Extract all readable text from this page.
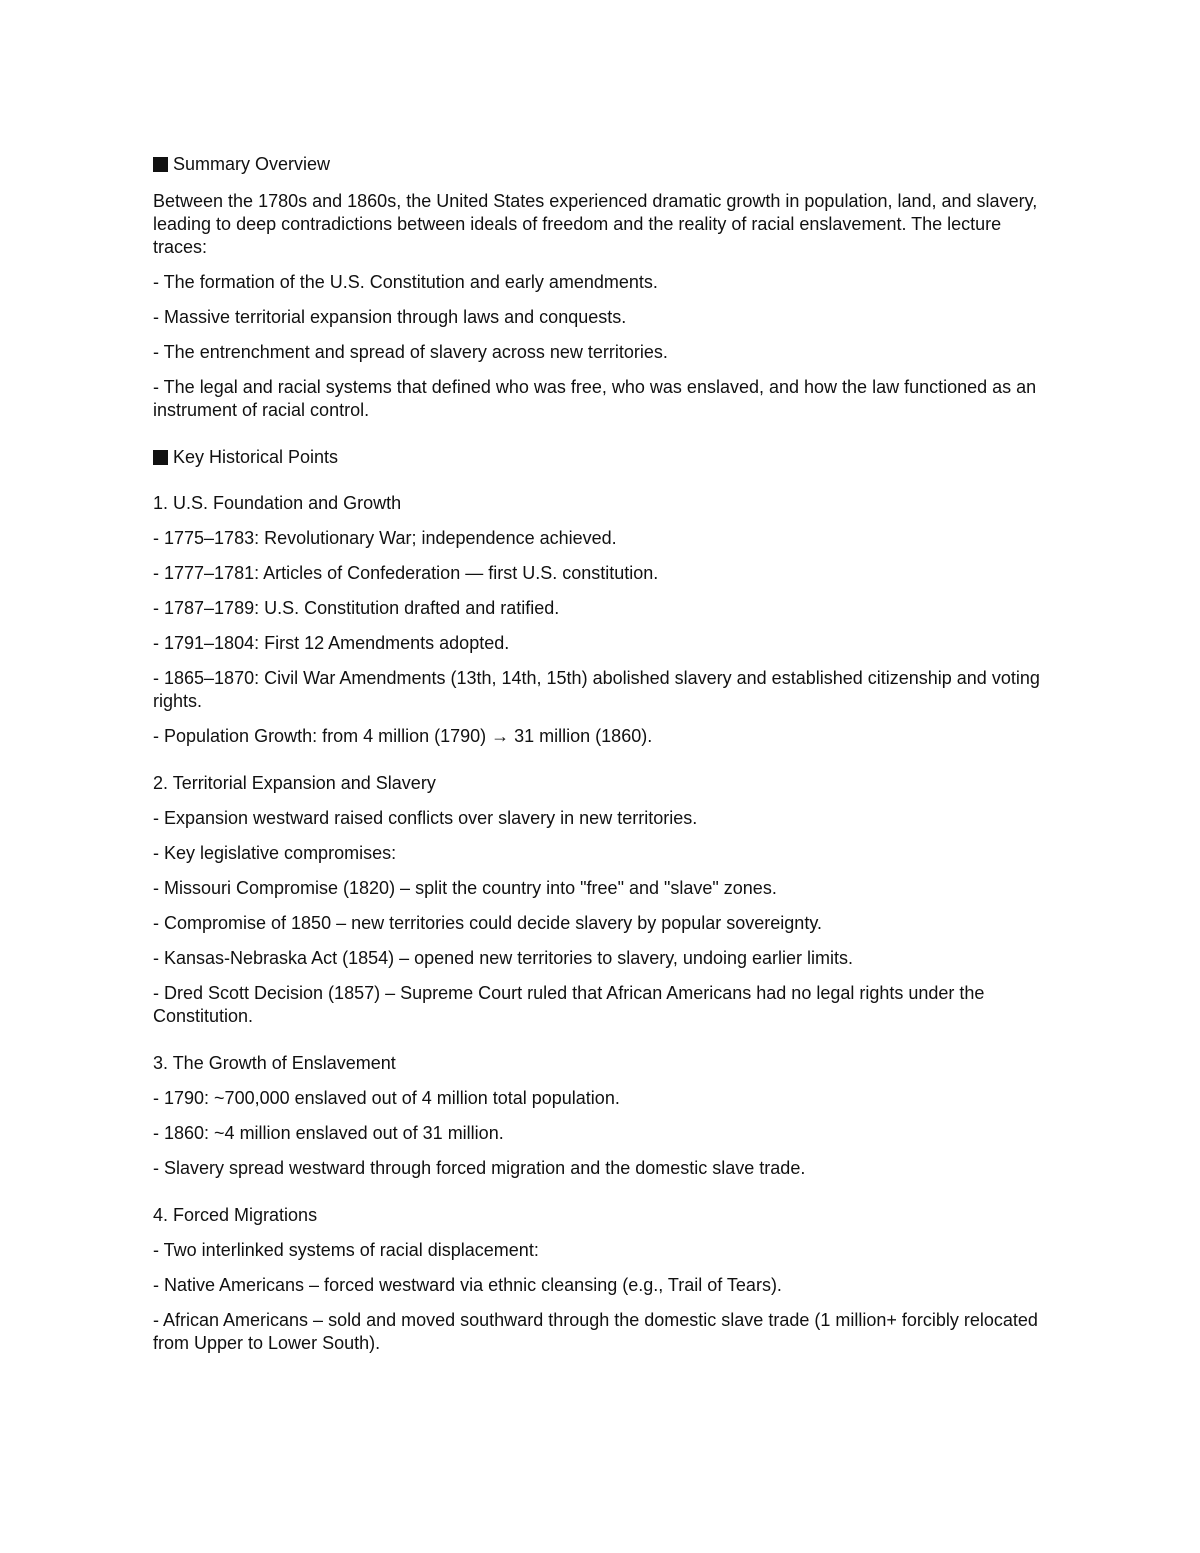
Summary Overview

Between the 1780s and 1860s, the United States experienced dramatic growth in population, land, and slavery, leading to deep contradictions between ideals of freedom and the reality of racial enslavement. The lecture traces:

- The formation of the U.S. Constitution and early amendments.

- Massive territorial expansion through laws and conquests.

- The entrenchment and spread of slavery across new territories.

- The legal and racial systems that defined who was free, who was enslaved, and how the law functioned as an instrument of racial control.

Key Historical Points

1. U.S. Foundation and Growth

- 1775–1783: Revolutionary War; independence achieved.

- 1777–1781: Articles of Confederation — first U.S. constitution.

- 1787–1789: U.S. Constitution drafted and ratified.

- 1791–1804: First 12 Amendments adopted.

- 1865–1870: Civil War Amendments (13th, 14th, 15th) abolished slavery and established citizenship and voting rights.

- Population Growth: from 4 million (1790) → 31 million (1860).

2. Territorial Expansion and Slavery

- Expansion westward raised conflicts over slavery in new territories.

- Key legislative compromises:

- Missouri Compromise (1820) – split the country into "free" and "slave" zones.

- Compromise of 1850 – new territories could decide slavery by popular sovereignty.

- Kansas-Nebraska Act (1854) – opened new territories to slavery, undoing earlier limits.

- Dred Scott Decision (1857) – Supreme Court ruled that African Americans had no legal rights under the Constitution.

3. The Growth of Enslavement

- 1790: ~700,000 enslaved out of 4 million total population.

- 1860: ~4 million enslaved out of 31 million.

- Slavery spread westward through forced migration and the domestic slave trade.

4. Forced Migrations

- Two interlinked systems of racial displacement:

- Native Americans – forced westward via ethnic cleansing (e.g., Trail of Tears).

- African Americans – sold and moved southward through the domestic slave trade (1 million+ forcibly relocated from Upper to Lower South).
